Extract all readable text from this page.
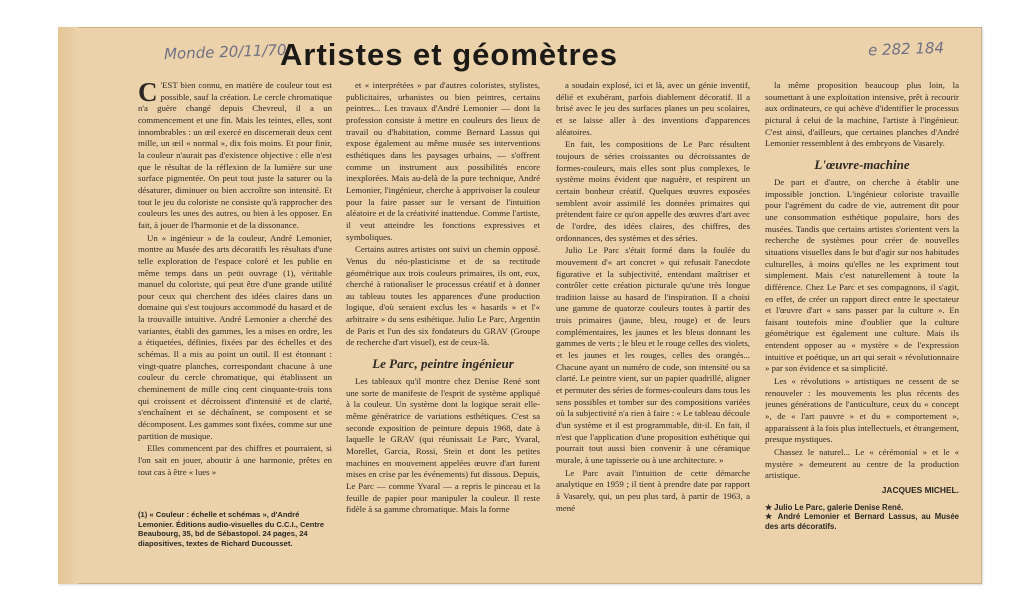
Monde 20/11/70	e 282 184
Artistes et géomètres

C 'EST bien connu, en matière de couleur tout est possible, sauf la création. Le cercle chromatique n'a guère changé depuis Chevreul, il a un commencement et une fin. Mais les teintes, elles, sont innombrables : un œil exercé en discernerait deux cent mille, un œil « normal », dix fois moins. Et pour finir, la couleur n'aurait pas d'existence objective : elle n'est que le résultat de la réflexion de la lumière sur une surface pigmentée. On peut tout juste la saturer ou la désaturer, diminuer ou bien accroître son intensité. Et tout le jeu du coloriste ne consiste qu'à rapprocher des couleurs les unes des autres, ou bien à les opposer. En fait, à jouer de l'harmonie et de la dissonance.

Un « ingénieur » de la couleur, André Lemonier, montre au Musée des arts décoratifs les résultats d'une telle exploration de l'espace coloré et les publie en même temps dans un petit ouvrage (1), véritable manuel du coloriste, qui peut être d'une grande utilité pour ceux qui cherchent des idées claires dans un domaine qui s'est toujours accommodé du hasard et de la trouvaille intuitive. André Lemonier a cherché des variantes, établi des gammes, les a mises en ordre, les a étiquetées, définies, fixées par des échelles et des schémas. Il a mis au point un outil. Il est étonnant : vingt-quatre planches, correspondant chacune à une couleur du cercle chromatique, qui établissent un cheminement de mille cinq cent cinquante-trois tons qui croissent et décroissent d'intensité et de clarté, s'enchaînent et se déchaînent, se composent et se décomposent. Les gammes sont fixées, comme sur une partition de musique.

Elles commencent par des chiffres et pourraient, si l'on sait en jouer, aboutir à une harmonie, prêtes en tout cas à être « lues »

(1) « Couleur : échelle et schémas », d'André Lemonier. Éditions audio-visuelles du C.C.I., Centre Beaubourg, 35, bd de Sébastopol. 24 pages, 24 diapositives, textes de Richard Ducousset.

et « interprétées » par d'autres coloristes, stylistes, publicitaires, urbanistes ou bien peintres, certains peintres... Les travaux d'André Lemonier — dont la profession consiste à mettre en couleurs des lieux de travail ou d'habitation, comme Bernard Lassus qui expose également au même musée ses interventions esthétiques dans les paysages urbains, — s'offrent comme un instrument aux possibilités encore inexplorées. Mais au-delà de la pure technique, André Lemonier, l'ingénieur, cherche à apprivoiser la couleur pour la faire passer sur le versant de l'intuition aléatoire et de la créativité inattendue. Comme l'artiste, il veut atteindre les fonctions expressives et symboliques.

Certains autres artistes ont suivi un chemin opposé. Venus du néo-plasticisme et de sa rectitude géométrique aux trois couleurs primaires, ils ont, eux, cherché à rationaliser le processus créatif et à donner au tableau toutes les apparences d'une production logique, d'où seraient exclus les « hasards » et l'« arbitraire » du sens esthétique. Julio Le Parc, Argentin de Paris et l'un des six fondateurs du GRAV (Groupe de recherche d'art visuel), est de ceux-là.

Le Parc, peintre ingénieur

Les tableaux qu'il montre chez Denise René sont une sorte de manifeste de l'esprit de système appliqué à la couleur. Un système dont la logique serait elle-même génératrice de variations esthétiques. C'est sa seconde exposition de peinture depuis 1968, date à laquelle le GRAV (qui réunissait Le Parc, Yvaral, Morellet, Garcia, Rossi, Stein et dont les petites machines en mouvement appelées œuvre d'art furent mises en crise par les événements) fut dissous. Depuis, Le Parc — comme Yvaral — a repris le pinceau et la feuille de papier pour manipuler la couleur. Il reste fidèle à sa gamme chromatique. Mais la forme

a soudain explosé, ici et là, avec un génie inventif, délié et exubérant, parfois diablement décoratif. Il a brisé avec le jeu des surfaces planes un peu scolaires, et se laisse aller à des inventions d'apparences aléatoires.

En fait, les compositions de Le Parc résultent toujours de séries croissantes ou décroissantes de formes-couleurs, mais elles sont plus complexes, le système moins évident que naguère, et respirent un certain bonheur créatif. Quelques œuvres exposées semblent avoir assimilé les données primaires qui prétendent faire ce qu'on appelle des œuvres d'art avec de l'ordre, des idées claires, des chiffres, des ordonnances, des systèmes et des séries.

Julio Le Parc s'était formé dans la foulée du mouvement d'« art concret » qui refusait l'anecdote figurative et la subjectivité, entendant maîtriser et contrôler cette création picturale qu'une très longue tradition laisse au hasard de l'inspiration. Il a choisi une gamme de quatorze couleurs toutes à partir des trois primaires (jaune, bleu, rouge) et de leurs complémentaires, les jaunes et les bleus donnant les gammes de verts ; le bleu et le rouge celles des violets, et les jaunes et les rouges, celles des orangés... Chacune ayant un numéro de code, son intensité ou sa clarté. Le peintre vient, sur un papier quadrillé, aligner et permuter des séries de formes-couleurs dans tous les sens possibles et tomber sur des compositions variées où la subjectivité n'a rien à faire : « Le tableau découle d'un système et il est programmable, dit-il. En fait, il n'est que l'application d'une proposition esthétique qui pourrait tout aussi bien convenir à une céramique murale, à une tapisserie ou à une architecture. »

Le Parc avait l'intuition de cette démarche analytique en 1959 ; il tient à prendre date par rapport à Vasarely, qui, un peu plus tard, à partir de 1963, a mené

la même proposition beaucoup plus loin, la soumettant à une exploitation intensive, prêt à recourir aux ordinateurs, ce qui achève d'identifier le processus pictural à celui de la machine, l'artiste à l'ingénieur. C'est ainsi, d'ailleurs, que certaines planches d'André Lemonier ressemblent à des embryons de Vasarely.

L'œuvre-machine

De part et d'autre, on cherche à établir une impossible jonction. L'ingénieur coloriste travaille pour l'agrément du cadre de vie, autrement dit pour une consommation esthétique populaire, hors des musées. Tandis que certains artistes s'orientent vers la recherche de systèmes pour créer de nouvelles situations visuelles dans le but d'agir sur nos habitudes culturelles, à moins qu'elles ne les expriment tout simplement. Mais c'est naturellement à toute la différence. Chez Le Parc et ses compagnons, il s'agit, en effet, de créer un rapport direct entre le spectateur et l'œuvre d'art « sans passer par la culture ». En faisant toutefois mine d'oublier que la culture géométrique est également une culture. Mais ils entendent opposer au « mystère » de l'expression intuitive et poétique, un art qui serait « révolutionnaire » par son évidence et sa simplicité.

Les « révolutions » artistiques ne cessent de se renouveler : les mouvements les plus récents des jeunes générations de l'anticulture, ceux du « concept », de « l'art pauvre » et du « comportement », apparaissent à la fois plus intellectuels, et étrangement, presque mystiques.

Chassez le naturel... Le « cérémonial » et le « mystère » demeurent au centre de la production artistique.

JACQUES MICHEL.

★ Julio Le Parc, galerie Denise René.

★ André Lemonier et Bernard Lassus, au Musée des arts décoratifs.
